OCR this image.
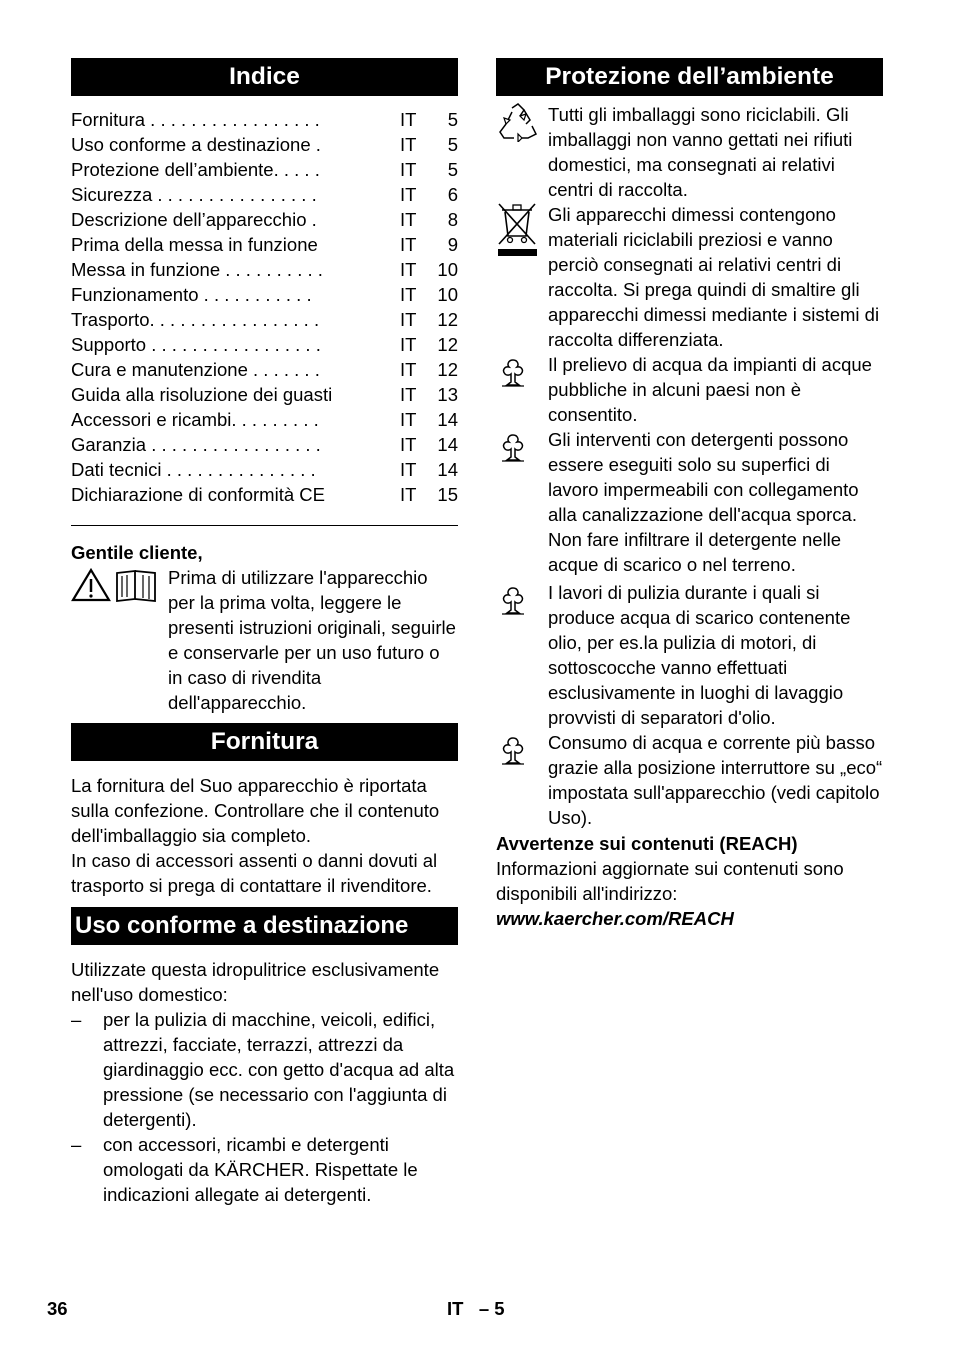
Indice
Fornitura . . . . . . . . . . . . . . . . .	IT	5
Uso conforme a destinazione .	IT	5
Protezione dell’ambiente. . . . .	IT	5
Sicurezza . . . . . . . . . . . . . . . .	IT	6
Descrizione dell’apparecchio .	IT	8
Prima della messa in funzione	IT	9
Messa in funzione . . . . . . . . . .	IT	10
Funzionamento . . . . . . . . . . .	IT	10
Trasporto. . . . . . . . . . . . . . . . .	IT	12
Supporto . . . . . . . . . . . . . . . . .	IT	12
Cura e manutenzione . . . . . . .	IT	12
Guida alla risoluzione dei guasti	IT	13
Accessori e ricambi. . . . . . . . .	IT	14
Garanzia . . . . . . . . . . . . . . . . .	IT	14
Dati tecnici . . . . . . . . . . . . . . .	IT	14
Dichiarazione di conformità CE	IT	15
Gentile cliente,
Prima di utilizzare l'apparecchio per la prima volta, leggere le presenti istruzioni originali, seguirle e conservarle per un uso futuro o in caso di rivendita dell'apparecchio.
Fornitura
La fornitura del Suo apparecchio è riportata sulla confezione. Controllare che il contenuto dell'imballaggio sia completo.
In caso di accessori assenti o danni dovuti al trasporto si prega di contattare il rivenditore.
Uso conforme a destinazione
Utilizzate questa idropulitrice esclusivamente nell'uso domestico:
–	per la pulizia di macchine, veicoli, edifici, attrezzi, facciate, terrazzi, attrezzi da giardinaggio ecc. con getto d'acqua ad alta pressione (se necessario con l'aggiunta di detergenti).
–	con accessori, ricambi e detergenti omologati da KÄRCHER. Rispettate le indicazioni allegate ai detergenti.
Protezione dell’ambiente
Tutti gli imballaggi sono riciclabili. Gli imballaggi non vanno gettati nei rifiuti domestici, ma consegnati ai relativi centri di raccolta.
Gli apparecchi dimessi contengono materiali riciclabili preziosi e vanno perciò consegnati ai relativi centri di raccolta. Si prega quindi di smaltire gli apparecchi dimessi mediante i sistemi di raccolta differenziata.
Il prelievo di acqua da impianti di acque pubbliche in alcuni paesi non è consentito.
Gli interventi con detergenti possono essere eseguiti solo su superfici di lavoro impermeabili con collegamento alla canalizzazione dell'acqua sporca. Non fare infiltrare il detergente nelle acque di scarico o nel terreno.
I lavori di pulizia durante i quali si produce acqua di scarico contenente olio, per es.la pulizia di motori, di sottoscocche vanno effettuati esclusivamente in luoghi di lavaggio provvisti di separatori d'olio.
Consumo di acqua e corrente più basso grazie alla posizione interruttore su „eco“ impostata sull'apparecchio (vedi capitolo Uso).
Avvertenze sui contenuti (REACH)
Informazioni aggiornate sui contenuti sono disponibili all'indirizzo:
www.kaercher.com/REACH
36	IT   – 5
